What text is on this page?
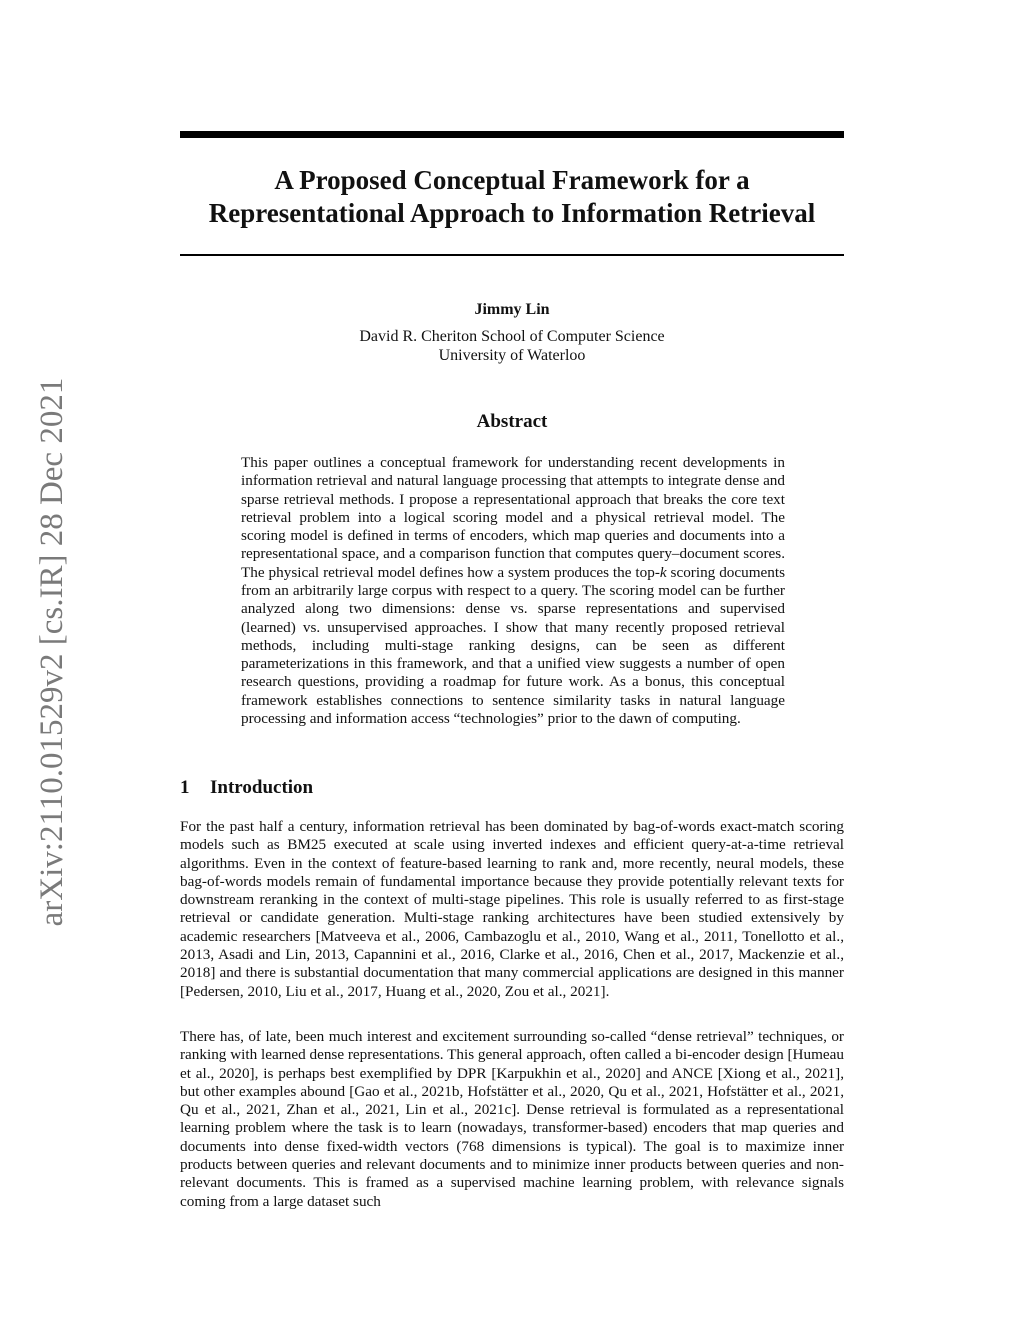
arXiv:2110.01529v2 [cs.IR] 28 Dec 2021
A Proposed Conceptual Framework for a
Representational Approach to Information Retrieval
Jimmy Lin
David R. Cheriton School of Computer Science
University of Waterloo
Abstract

This paper outlines a conceptual framework for understanding recent developments in information retrieval and natural language processing that attempts to integrate dense and sparse retrieval methods. I propose a representational approach that breaks the core text retrieval problem into a logical scoring model and a physical retrieval model. The scoring model is defined in terms of encoders, which map queries and documents into a representational space, and a comparison function that computes query–document scores. The physical retrieval model defines how a system produces the top-k scoring documents from an arbitrarily large corpus with respect to a query. The scoring model can be further analyzed along two dimensions: dense vs. sparse representations and supervised (learned) vs. unsupervised approaches. I show that many recently proposed retrieval methods, including multi-stage ranking designs, can be seen as different parameterizations in this framework, and that a unified view suggests a number of open research questions, providing a roadmap for future work. As a bonus, this conceptual framework establishes connections to sentence similarity tasks in natural language processing and information access “technologies” prior to the dawn of computing.

1 Introduction

For the past half a century, information retrieval has been dominated by bag-of-words exact-match scoring models such as BM25 executed at scale using inverted indexes and efficient query-at-a-time retrieval algorithms. Even in the context of feature-based learning to rank and, more recently, neural models, these bag-of-words models remain of fundamental importance because they provide potentially relevant texts for downstream reranking in the context of multi-stage pipelines. This role is usually referred to as first-stage retrieval or candidate generation. Multi-stage ranking architectures have been studied extensively by academic researchers [Matveeva et al., 2006, Cambazoglu et al., 2010, Wang et al., 2011, Tonellotto et al., 2013, Asadi and Lin, 2013, Capannini et al., 2016, Clarke et al., 2016, Chen et al., 2017, Mackenzie et al., 2018] and there is substantial documentation that many commercial applications are designed in this manner [Pedersen, 2010, Liu et al., 2017, Huang et al., 2020, Zou et al., 2021].

There has, of late, been much interest and excitement surrounding so-called “dense retrieval” techniques, or ranking with learned dense representations. This general approach, often called a bi-encoder design [Humeau et al., 2020], is perhaps best exemplified by DPR [Karpukhin et al., 2020] and ANCE [Xiong et al., 2021], but other examples abound [Gao et al., 2021b, Hofstätter et al., 2020, Qu et al., 2021, Hofstätter et al., 2021, Qu et al., 2021, Zhan et al., 2021, Lin et al., 2021c]. Dense retrieval is formulated as a representational learning problem where the task is to learn (nowadays, transformer-based) encoders that map queries and documents into dense fixed-width vectors (768 dimensions is typical). The goal is to maximize inner products between queries and relevant documents and to minimize inner products between queries and non-relevant documents. This is framed as a supervised machine learning problem, with relevance signals coming from a large dataset such
